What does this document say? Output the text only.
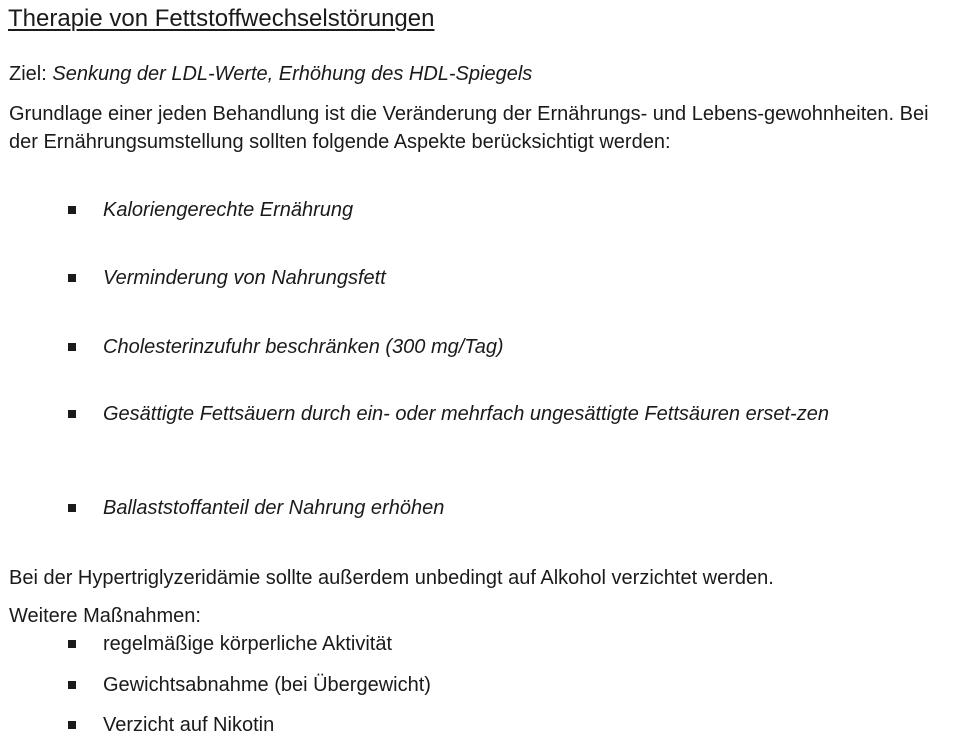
Therapie von Fettstoffwechselstörungen
Ziel: Senkung der LDL-Werte, Erhöhung des HDL-Spiegels
Grundlage einer jeden Behandlung ist die Veränderung der Ernährungs- und Lebens-gewohnheiten. Bei der Ernährungsumstellung sollten folgende Aspekte berücksichtigt werden:
Kaloriengerechte Ernährung
Verminderung von Nahrungsfett
Cholesterinzufuhr beschränken (300 mg/Tag)
Gesättigte Fettsäuern durch ein- oder mehrfach ungesättigte Fettsäuren erset-zen
Ballaststoffanteil der Nahrung erhöhen
Bei der Hypertriglyzeridämie sollte außerdem unbedingt auf Alkohol verzichtet werden.
Weitere Maßnahmen:
regelmäßige körperliche Aktivität
Gewichtsabnahme (bei Übergewicht)
Verzicht auf Nikotin
